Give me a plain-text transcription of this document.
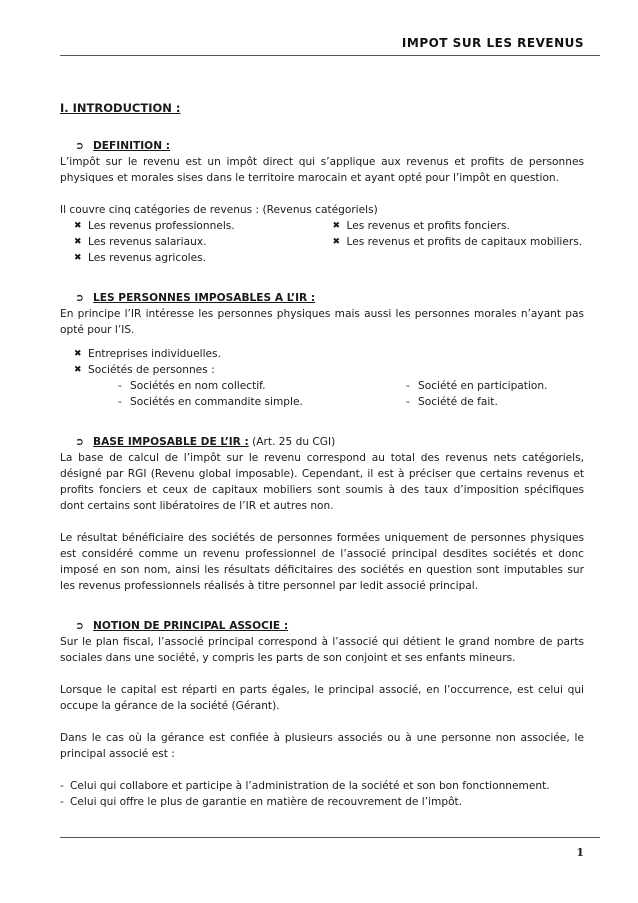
IMPOT SUR LES REVENUS
I. INTRODUCTION :
➲ DEFINITION :

L’impôt sur le revenu est un impôt direct qui s’applique aux revenus et profits de personnes physiques et morales sises dans le territoire marocain et ayant opté pour l’impôt en question.

Il couvre cinq catégories de revenus : (Revenus catégoriels)

✖ Les revenus professionnels.
✖ Les revenus salariaux.
✖ Les revenus agricoles.
✖ Les revenus et profits fonciers.
✖ Les revenus et profits de capitaux mobiliers.
➲ LES PERSONNES IMPOSABLES A L’IR :

En principe l’IR intéresse les personnes physiques mais aussi les personnes morales n’ayant pas opté pour l’IS.

✖ Entreprises individuelles.
✖ Sociétés de personnes :
- Sociétés en nom collectif.
- Sociétés en commandite simple.
- Société en participation.
- Société de fait.
➲ BASE IMPOSABLE DE L’IR : (Art. 25 du CGI)

La base de calcul de l’impôt sur le revenu correspond au total des revenus nets catégoriels, désigné par RGI (Revenu global imposable). Cependant, il est à préciser que certains revenus et profits fonciers et ceux de capitaux mobiliers sont soumis à des taux d’imposition spécifiques dont certains sont libératoires de l’IR et autres non.

Le résultat bénéficiaire des sociétés de personnes formées uniquement de personnes physiques est considéré comme un revenu professionnel de l’associé principal desdites sociétés et donc imposé en son nom, ainsi les résultats déficitaires des sociétés en question sont imputables sur les revenus professionnels réalisés à titre personnel par ledit associé principal.

➲ NOTION DE PRINCIPAL ASSOCIE :

Sur le plan fiscal, l’associé principal correspond à l’associé qui détient le grand nombre de parts sociales dans une société, y compris les parts de son conjoint et ses enfants mineurs.

Lorsque le capital est réparti en parts égales, le principal associé, en l’occurrence, est celui qui occupe la gérance de la société (Gérant).

Dans le cas où la gérance est confiée à plusieurs associés ou à une personne non associée, le principal associé est :

- Celui qui collabore et participe à l’administration de la société et son bon fonctionnement.
- Celui qui offre le plus de garantie en matière de recouvrement de l’impôt.
1
